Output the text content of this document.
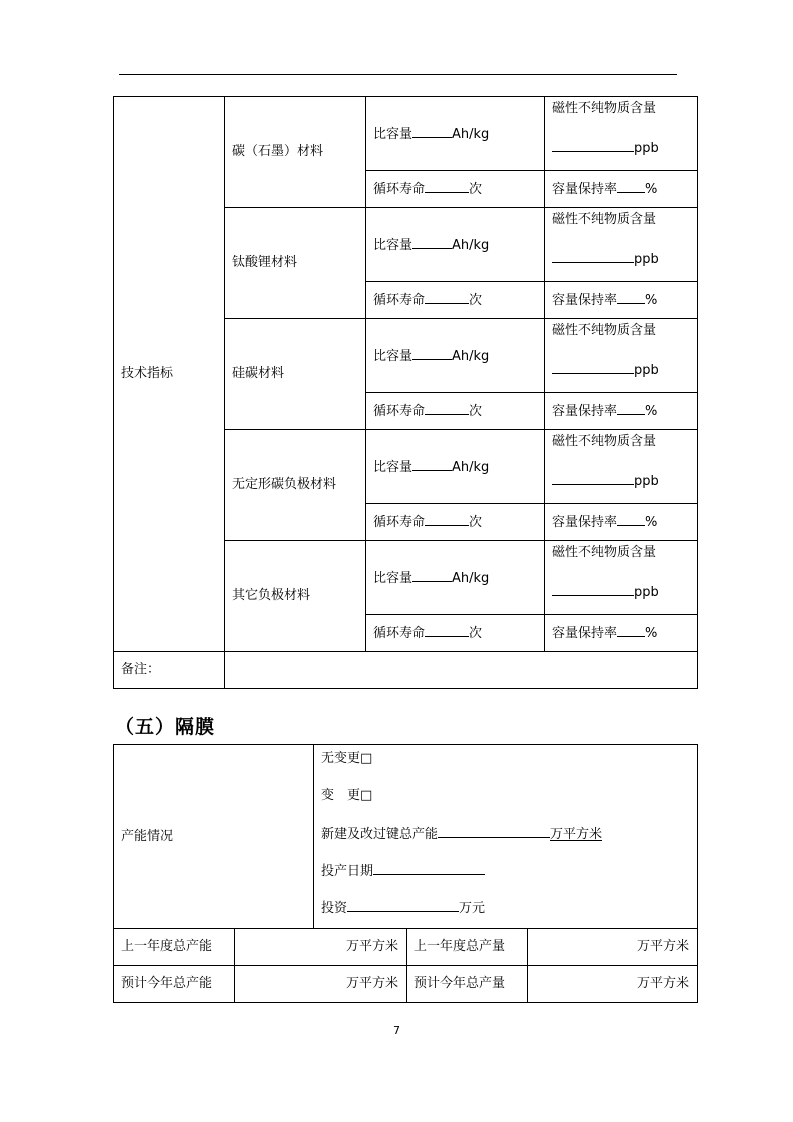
技术指标	碳（石墨）材料	比容量 Ah/kg	磁性不纯物质含量
ppb

		循环寿命 次	容量保持率 %
	钛酸锂材料	比容量 Ah/kg	磁性不纯物质含量
ppb

		循环寿命 次	容量保持率 %
	硅碳材料	比容量 Ah/kg	磁性不纯物质含量
ppb

		循环寿命 次	容量保持率 %
	无定形碳负极材料	比容量 Ah/kg	磁性不纯物质含量
ppb

		循环寿命 次	容量保持率 %
	其它负极材料	比容量 Ah/kg	磁性不纯物质含量
ppb

		循环寿命 次	容量保持率 %
备注：			
（五）隔膜
产能情况	
无变更□
变　更□
新建及改过键总产能	万平方米
投产日期
投资	万元
上一年度总产能	万平方米	上一年度总产量	万平方米
预计今年总产能	万平方米	预计今年总产量	万平方米
7
